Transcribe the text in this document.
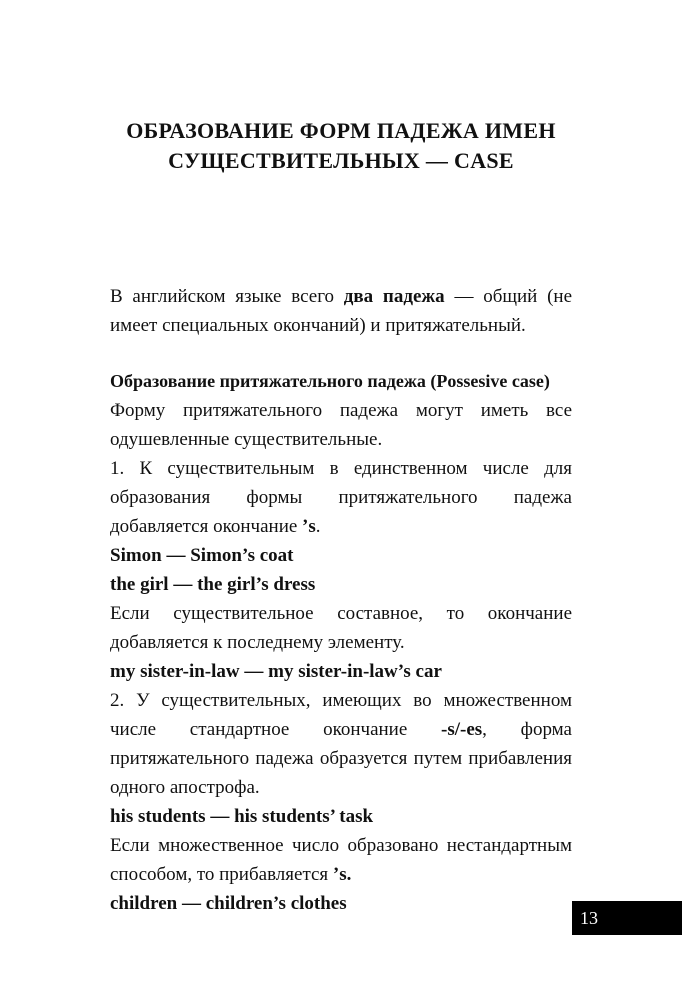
ОБРАЗОВАНИЕ ФОРМ ПАДЕЖА ИМЕН
СУЩЕСТВИТЕЛЬНЫХ — CASE

В английском языке всего два падежа — общий (не имеет специальных окончаний) и притяжательный.

Образование притяжательного падежа (Possesive case)

Форму притяжательного падежа могут иметь все одушевленные существительные.

1. К существительным в единственном числе для образования формы притяжательного падежа добавляется окончание ’s.

Simon — Simon’s coat

the girl — the girl’s dress

Если существительное составное, то окончание добавляется к последнему элементу.

my sister-in-law — my sister-in-law’s car

2. У существительных, имеющих во множественном числе стандартное окончание -s/-es, форма притяжательного падежа образуется путем прибавления одного апострофа.

his students — his students’ task

Если множественное число образовано нестандартным способом, то прибавляется ’s.

children — children’s clothes

13
